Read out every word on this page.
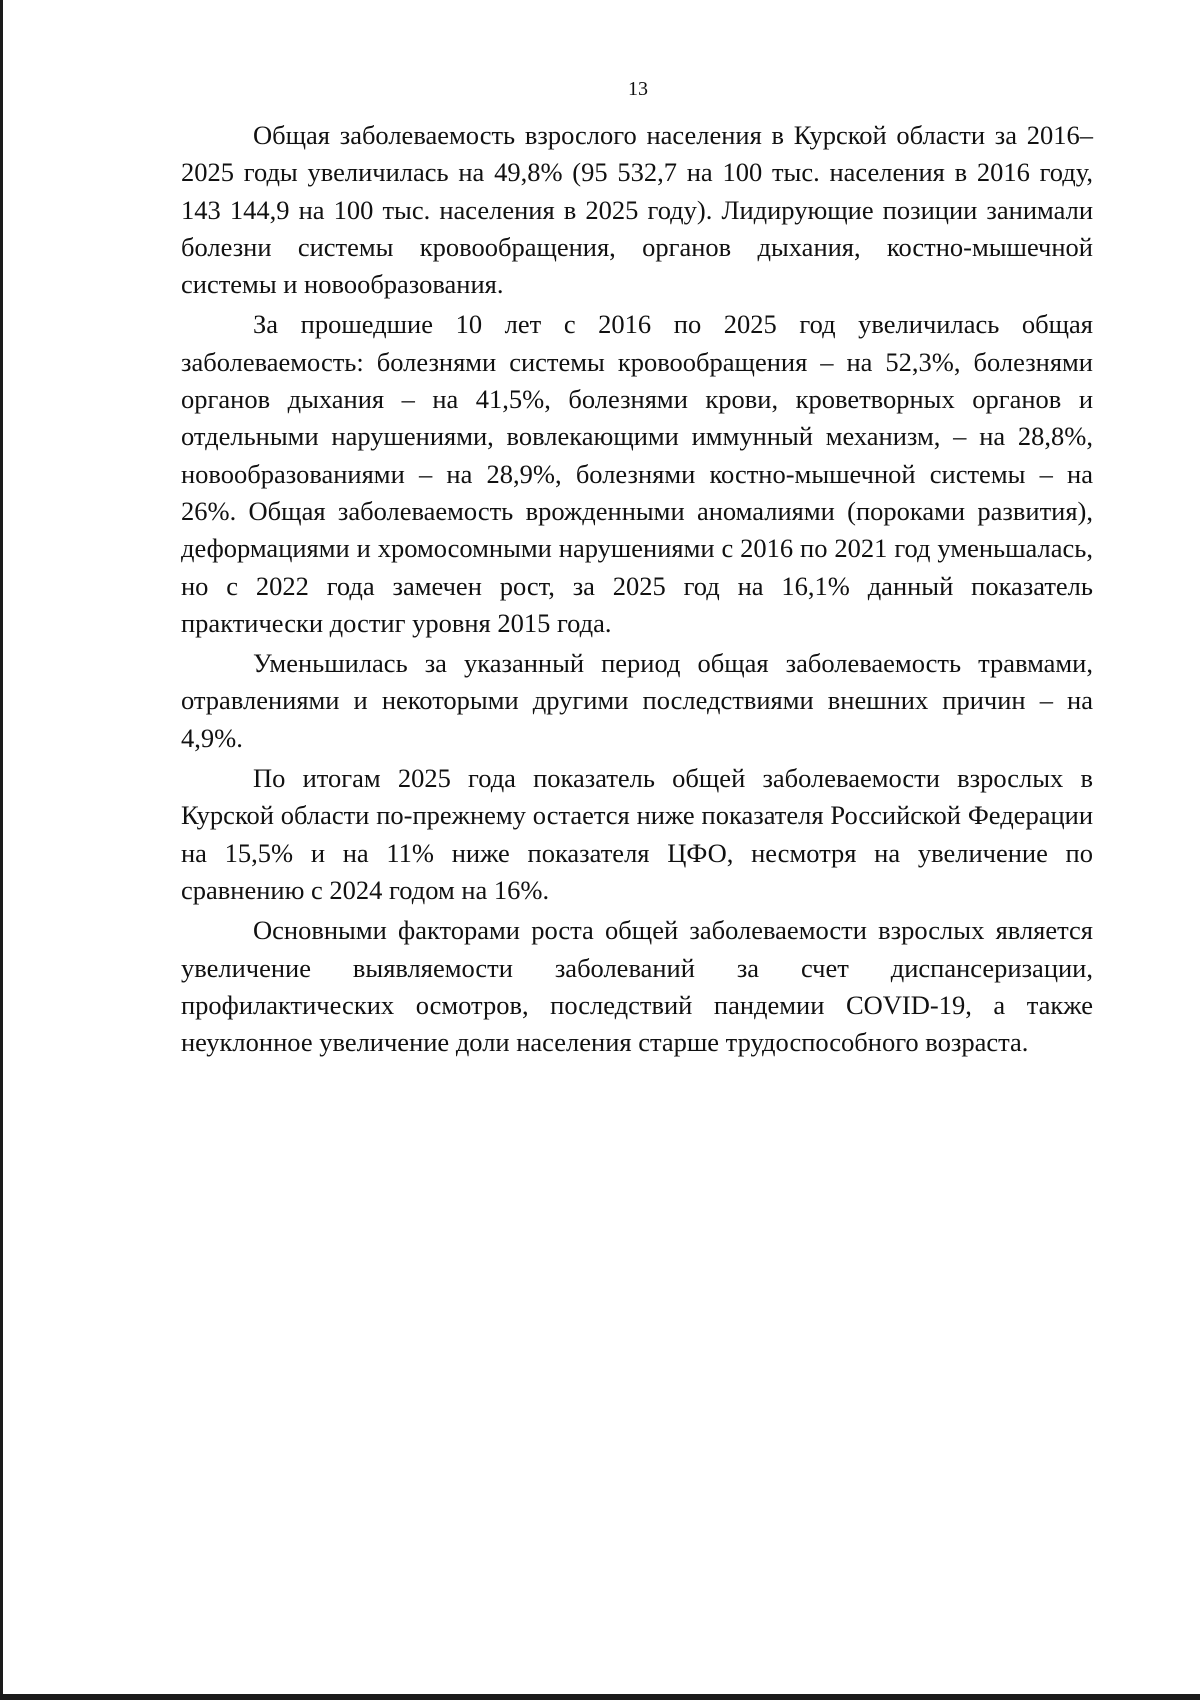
13

Общая заболеваемость взрослого населения в Курской области за 2016–2025 годы увеличилась на 49,8% (95 532,7 на 100 тыс. населения в 2016 году, 143 144,9 на 100 тыс. населения в 2025 году). Лидирующие позиции занимали болезни системы кровообращения, органов дыхания, костно-мышечной системы и новообразования.

За прошедшие 10 лет с 2016 по 2025 год увеличилась общая заболеваемость: болезнями системы кровообращения – на 52,3%, болезнями органов дыхания – на 41,5%, болезнями крови, кроветворных органов и отдельными нарушениями, вовлекающими иммунный механизм, – на 28,8%, новообразованиями – на 28,9%, болезнями костно-мышечной системы – на 26%. Общая заболеваемость врожденными аномалиями (пороками развития), деформациями и хромосомными нарушениями с 2016 по 2021 год уменьшалась, но с 2022 года замечен рост, за 2025 год на 16,1% данный показатель практически достиг уровня 2015 года.

Уменьшилась за указанный период общая заболеваемость травмами, отравлениями и некоторыми другими последствиями внешних причин – на 4,9%.

По итогам 2025 года показатель общей заболеваемости взрослых в Курской области по-прежнему остается ниже показателя Российской Федерации на 15,5% и на 11% ниже показателя ЦФО, несмотря на увеличение по сравнению с 2024 годом на 16%.

Основными факторами роста общей заболеваемости взрослых является увеличение выявляемости заболеваний за счет диспансеризации, профилактических осмотров, последствий пандемии COVID-19, а также неуклонное увеличение доли населения старше трудоспособного возраста.
